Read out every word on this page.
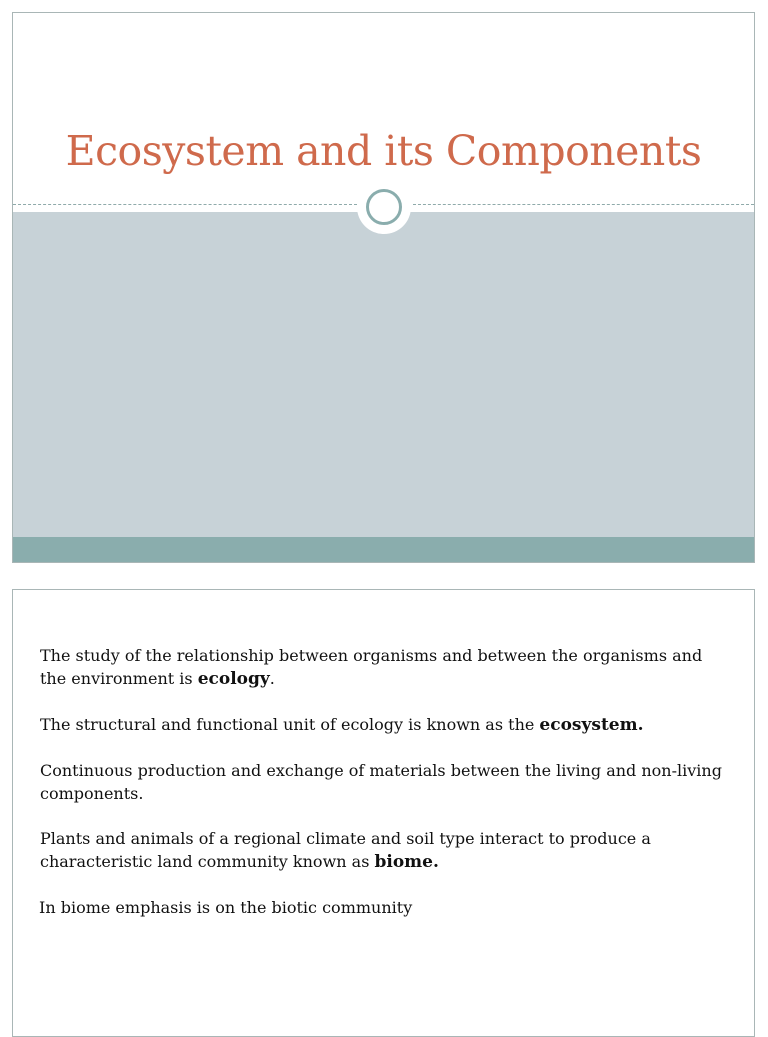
Ecosystem and its Components

The study of the relationship between organisms and between the organisms and the environment is ecology.

The structural and functional unit of ecology is known as the ecosystem.

Continuous production and exchange of materials between the living and non-living components.

Plants and animals of a regional climate and soil type interact to produce a characteristic land community known as biome.

In biome emphasis is on the biotic community
